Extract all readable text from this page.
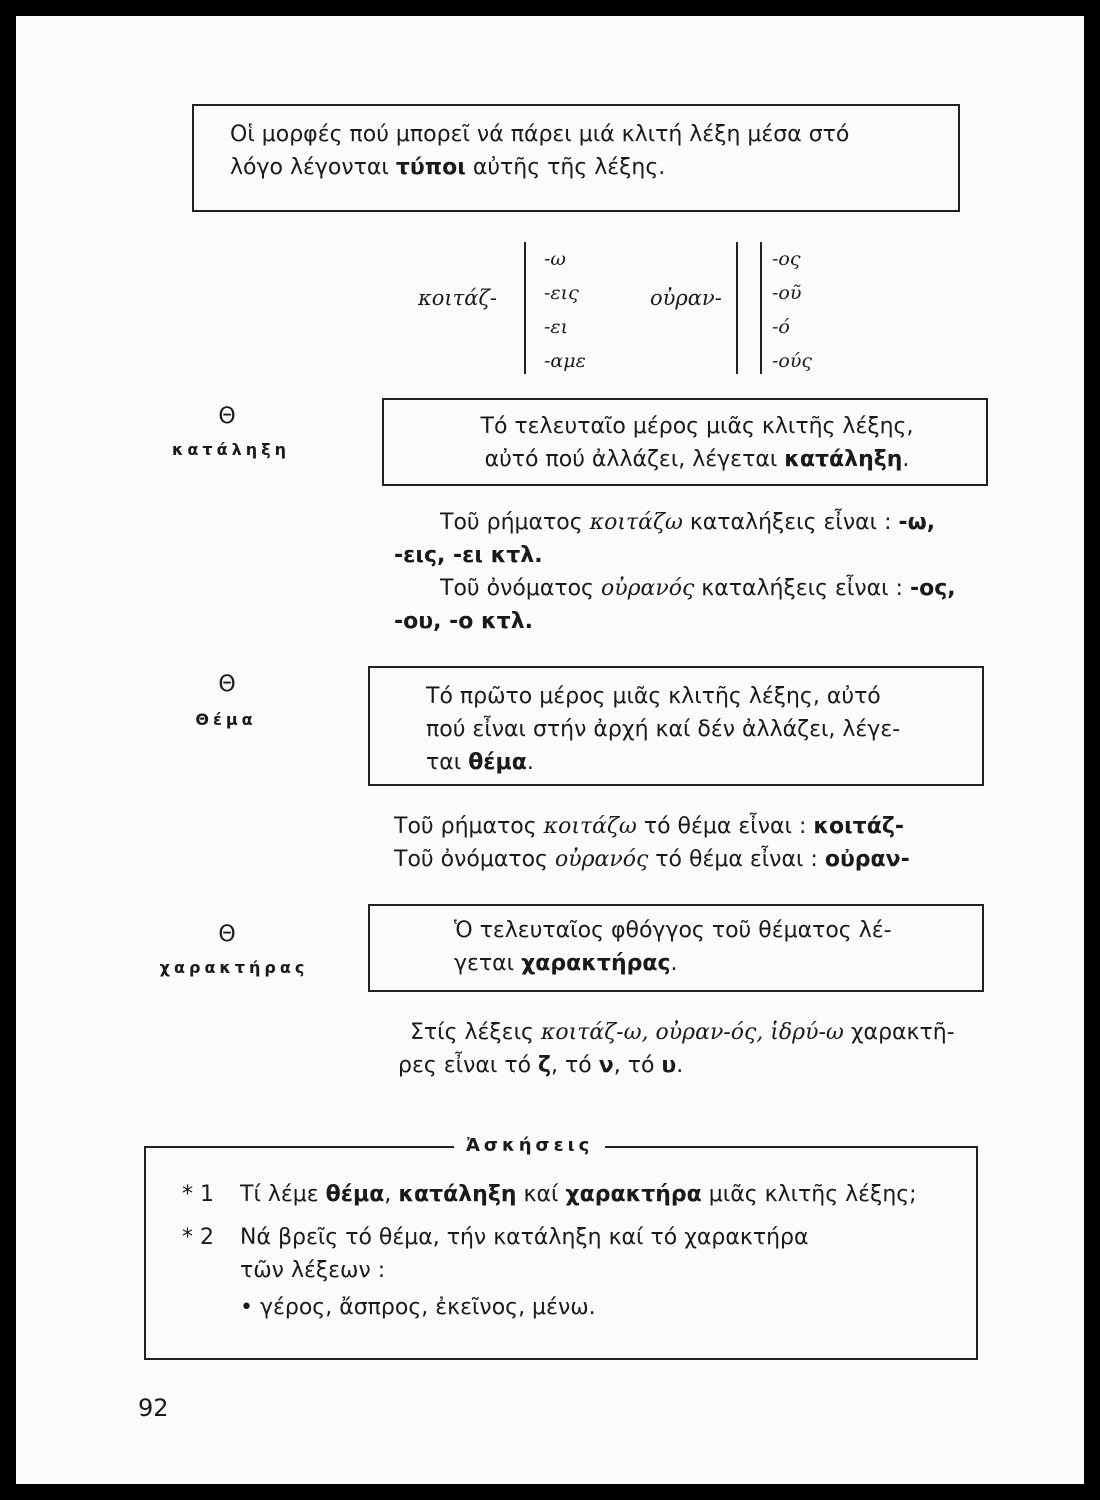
Οἱ μορφές πού μπορεῖ νά πάρει μιά κλιτή λέξη μέσα στό
λόγο λέγονται τύποι αὐτῆς τῆς λέξης.
κοιτάζ-
-ω
-εις
-ει
-αμε
οὐραν-
-ος
-οῦ
-ό
-ούς
Θ
κατάληξη
Τό τελευταῖο μέρος μιᾶς κλιτῆς λέξης,
αὐτό πού ἀλλάζει, λέγεται κατάληξη.
Τοῦ ρήματος κοιτάζω καταλήξεις εἶναι : -ω,
-εις, -ει κτλ.
Τοῦ ὀνόματος οὐρανός καταλήξεις εἶναι : -ος,
-ου, -ο κτλ.
Θ
Θέμα
Τό πρῶτο μέρος μιᾶς κλιτῆς λέξης, αὐτό
πού εἶναι στήν ἀρχή καί δέν ἀλλάζει, λέγε-
ται θέμα.
Τοῦ ρήματος κοιτάζω τό θέμα εἶναι : κοιτάζ-
Τοῦ ὀνόματος οὐρανός τό θέμα εἶναι : οὐραν-
Θ
χαρακτήρας
Ὁ τελευταῖος φθόγγος τοῦ θέματος λέ-
γεται χαρακτήρας.
Στίς λέξεις κοιτάζ-ω, οὐραν-ός, ἱδρύ-ω χαρακτῆ-
ρες εἶναι τό ζ, τό ν, τό υ.
* 1 Τί λέμε θέμα, κατάληξη καί χαρακτήρα μιᾶς κλιτῆς λέξης;
* 2 Νά βρεῖς τό θέμα, τήν κατάληξη καί τό χαρακτήρα
τῶν λέξεων :
• γέρος, ἄσπρος, ἐκεῖνος, μένω.
Ἀσκήσεις
92
